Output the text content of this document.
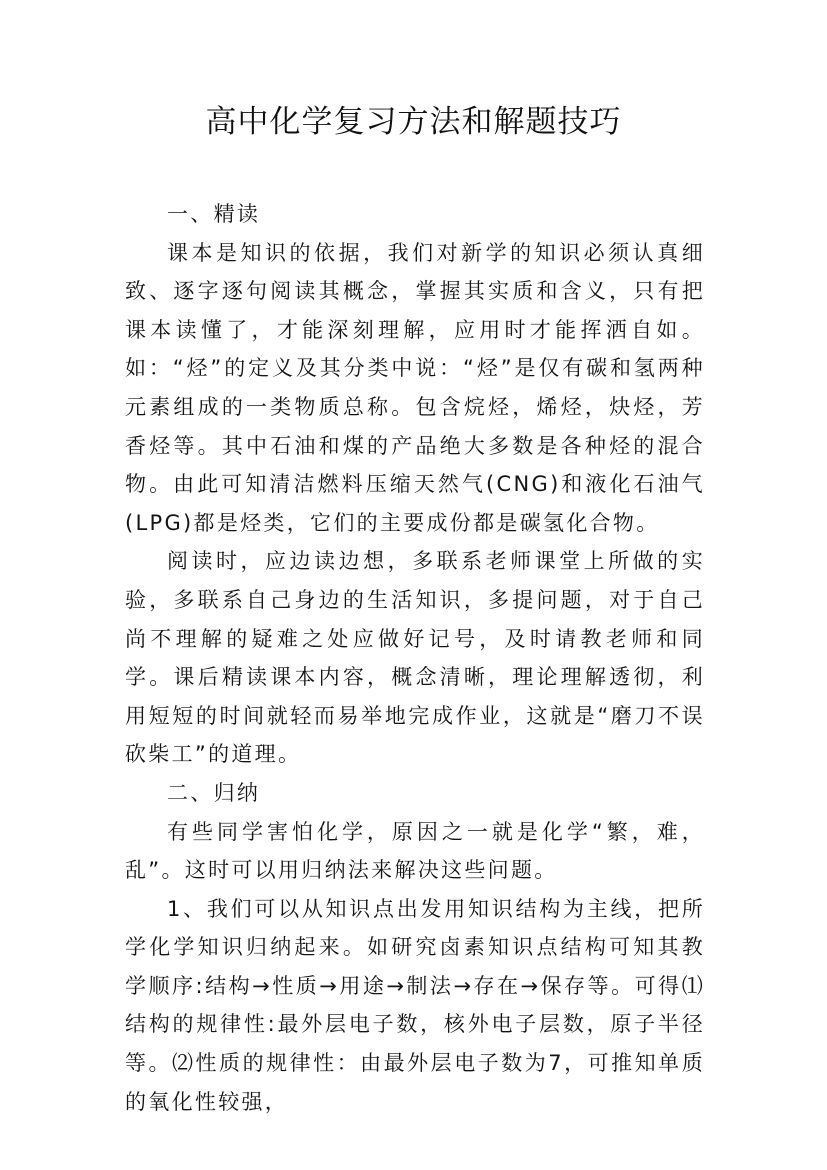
高中化学复习方法和解题技巧

一、精读

课本是知识的依据，我们对新学的知识必须认真细致、逐字逐句阅读其概念，掌握其实质和含义，只有把课本读懂了，才能深刻理解，应用时才能挥洒自如。如：“烃”的定义及其分类中说：“烃”是仅有碳和氢两种元素组成的一类物质总称。包含烷烃，烯烃，炔烃，芳香烃等。其中石油和煤的产品绝大多数是各种烃的混合物。由此可知清洁燃料压缩天然气(CNG)和液化石油气(LPG)都是烃类，它们的主要成份都是碳氢化合物。

阅读时，应边读边想，多联系老师课堂上所做的实验，多联系自己身边的生活知识，多提问题，对于自己尚不理解的疑难之处应做好记号，及时请教老师和同学。课后精读课本内容，概念清晰，理论理解透彻，利用短短的时间就轻而易举地完成作业，这就是“磨刀不误砍柴工”的道理。

二、归纳

有些同学害怕化学，原因之一就是化学“繁，难，乱”。这时可以用归纳法来解决这些问题。

1、我们可以从知识点出发用知识结构为主线，把所学化学知识归纳起来。如研究卤素知识点结构可知其教学顺序:结构→性质→用途→制法→存在→保存等。可得⑴结构的规律性:最外层电子数，核外电子层数，原子半径等。⑵性质的规律性：由最外层电子数为7，可推知单质的氧化性较强，
